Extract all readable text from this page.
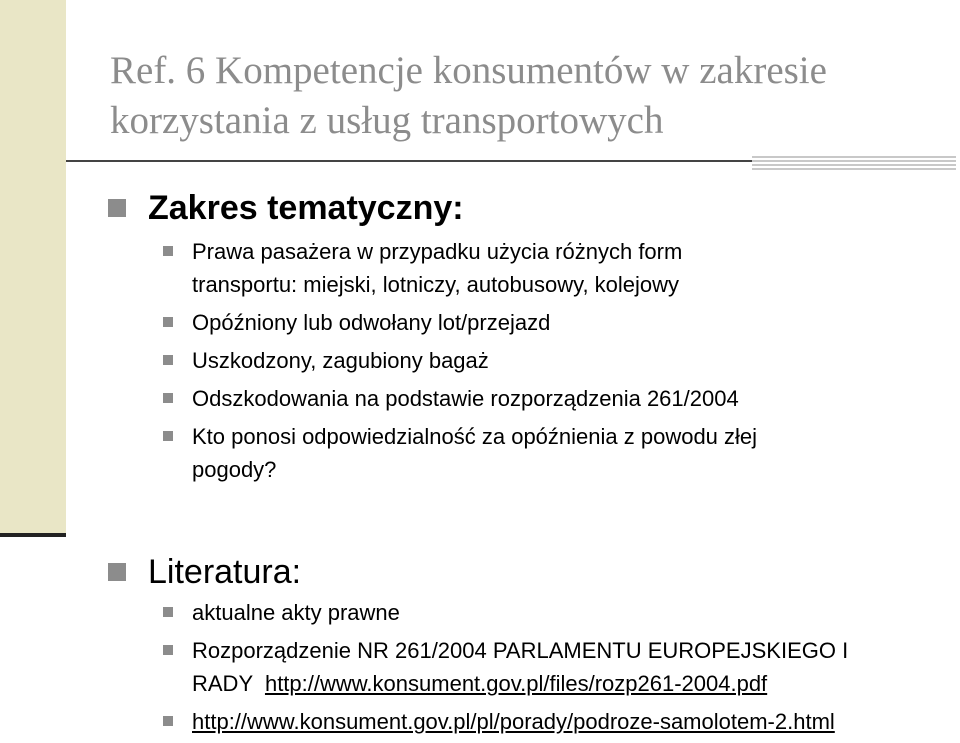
Ref. 6 Kompetencje konsumentów w zakresie korzystania z usług transportowych
Zakres tematyczny:
Prawa pasażera w przypadku użycia różnych form
transportu: miejski, lotniczy, autobusowy, kolejowy
Opóźniony lub odwołany lot/przejazd
Uszkodzony, zagubiony bagaż
Odszkodowania na podstawie rozporządzenia 261/2004
Kto ponosi odpowiedzialność za opóźnienia z powodu złej
pogody?
Literatura:
aktualne akty prawne
Rozporządzenie NR 261/2004 PARLAMENTU EUROPEJSKIEGO I
RADY  http://www.konsument.gov.pl/files/rozp261-2004.pdf
http://www.konsument.gov.pl/pl/porady/podroze-samolotem-2.html
